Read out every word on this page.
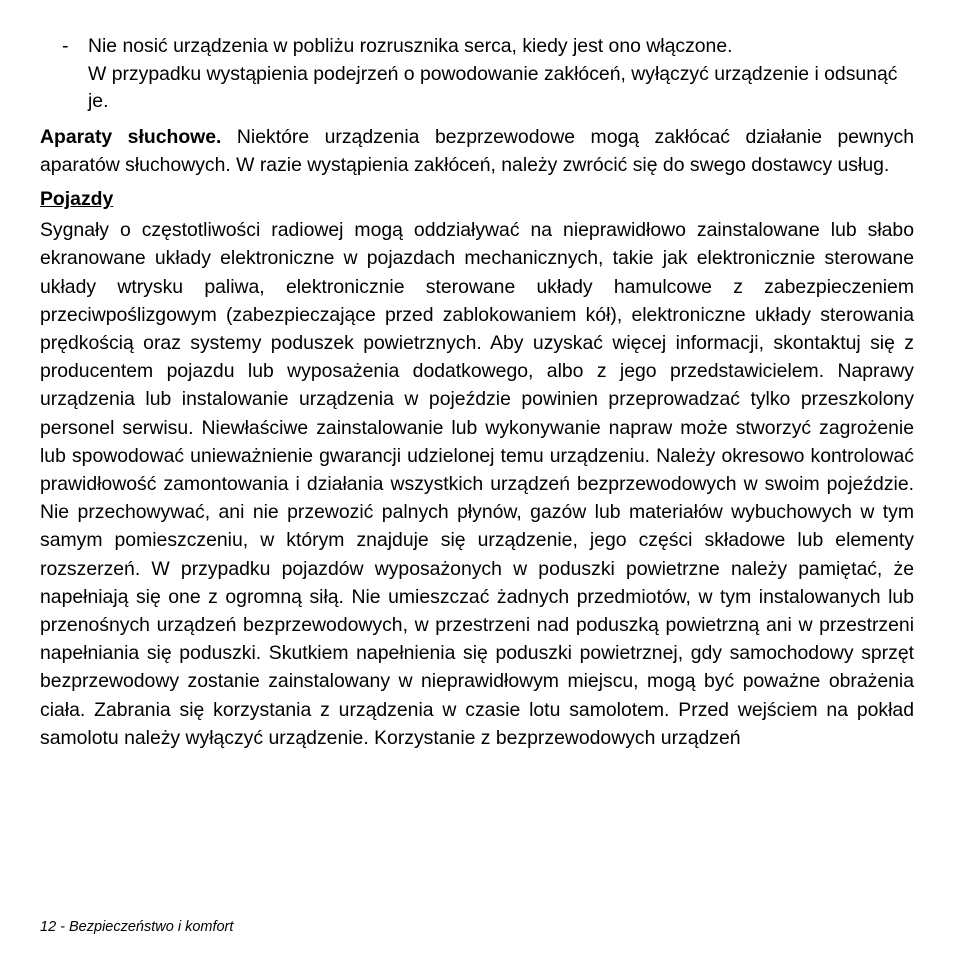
- Nie nosić urządzenia w pobliżu rozrusznika serca, kiedy jest ono włączone.
W przypadku wystąpienia podejrzeń o powodowanie zakłóceń, wyłączyć urządzenie i odsunąć je.

Aparaty słuchowe. Niektóre urządzenia bezprzewodowe mogą zakłócać działanie pewnych aparatów słuchowych. W razie wystąpienia zakłóceń, należy zwrócić się do swego dostawcy usług.

Pojazdy

Sygnały o częstotliwości radiowej mogą oddziaływać na nieprawidłowo zainstalowane lub słabo ekranowane układy elektroniczne w pojazdach mechanicznych, takie jak elektronicznie sterowane układy wtrysku paliwa, elektronicznie sterowane układy hamulcowe z zabezpieczeniem przeciwpoślizgowym (zabezpieczające przed zablokowaniem kół), elektroniczne układy sterowania prędkością oraz systemy poduszek powietrznych. Aby uzyskać więcej informacji, skontaktuj się z producentem pojazdu lub wyposażenia dodatkowego, albo z jego przedstawicielem. Naprawy urządzenia lub instalowanie urządzenia w pojeździe powinien przeprowadzać tylko przeszkolony personel serwisu. Niewłaściwe zainstalowanie lub wykonywanie napraw może stworzyć zagrożenie lub spowodować unieważnienie gwarancji udzielonej temu urządzeniu. Należy okresowo kontrolować prawidłowość zamontowania i działania wszystkich urządzeń bezprzewodowych w swoim pojeździe. Nie przechowywać, ani nie przewozić palnych płynów, gazów lub materiałów wybuchowych w tym samym pomieszczeniu, w którym znajduje się urządzenie, jego części składowe lub elementy rozszerzeń. W przypadku pojazdów wyposażonych w poduszki powietrzne należy pamiętać, że napełniają się one z ogromną siłą. Nie umieszczać żadnych przedmiotów, w tym instalowanych lub przenośnych urządzeń bezprzewodowych, w przestrzeni nad poduszką powietrzną ani w przestrzeni napełniania się poduszki. Skutkiem napełnienia się poduszki powietrznej, gdy samochodowy sprzęt bezprzewodowy zostanie zainstalowany w nieprawidłowym miejscu, mogą być poważne obrażenia ciała. Zabrania się korzystania z urządzenia w czasie lotu samolotem. Przed wejściem na pokład samolotu należy wyłączyć urządzenie. Korzystanie z bezprzewodowych urządzeń

12 - Bezpieczeństwo i komfort
